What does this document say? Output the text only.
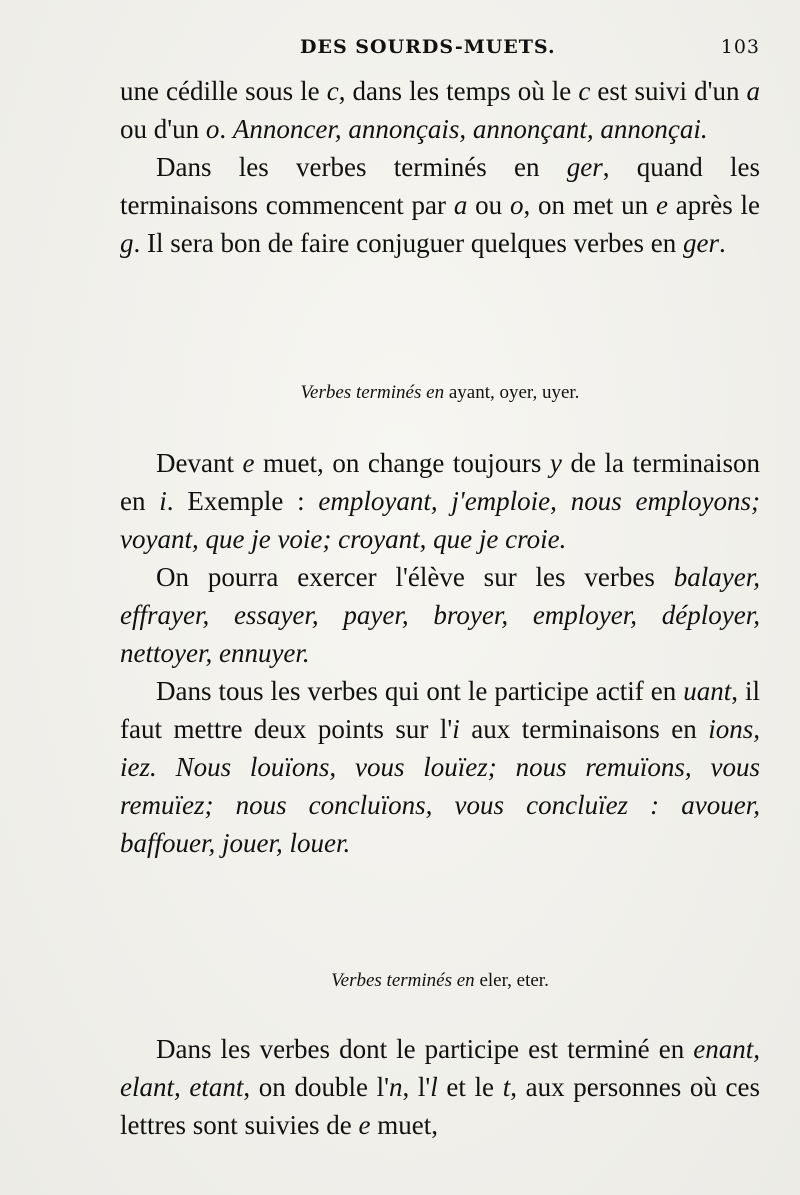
DES SOURDS-MUETS.	103

une cédille sous le c, dans les temps où le c est suivi d'un a ou d'un o. Annoncer, annonçais, annonçant, annonçai.

Dans les verbes terminés en ger, quand les terminaisons commencent par a ou o, on met un e après le g. Il sera bon de faire conjuguer quelques verbes en ger.

Verbes terminés en ayant, oyer, uyer.

Devant e muet, on change toujours y de la terminaison en i. Exemple : employant, j'emploie, nous employons; voyant, que je voie; croyant, que je croie.

On pourra exercer l'élève sur les verbes balayer, effrayer, essayer, payer, broyer, employer, déployer, nettoyer, ennuyer.

Dans tous les verbes qui ont le participe actif en uant, il faut mettre deux points sur l'i aux terminaisons en ions, iez. Nous louïons, vous louïez; nous remuïons, vous remuïez; nous concluïons, vous concluïez : avouer, baffouer, jouer, louer.

Verbes terminés en eler, eter.

Dans les verbes dont le participe est terminé en enant, elant, etant, on double l'n, l'l et le t, aux personnes où ces lettres sont suivies de e muet,
